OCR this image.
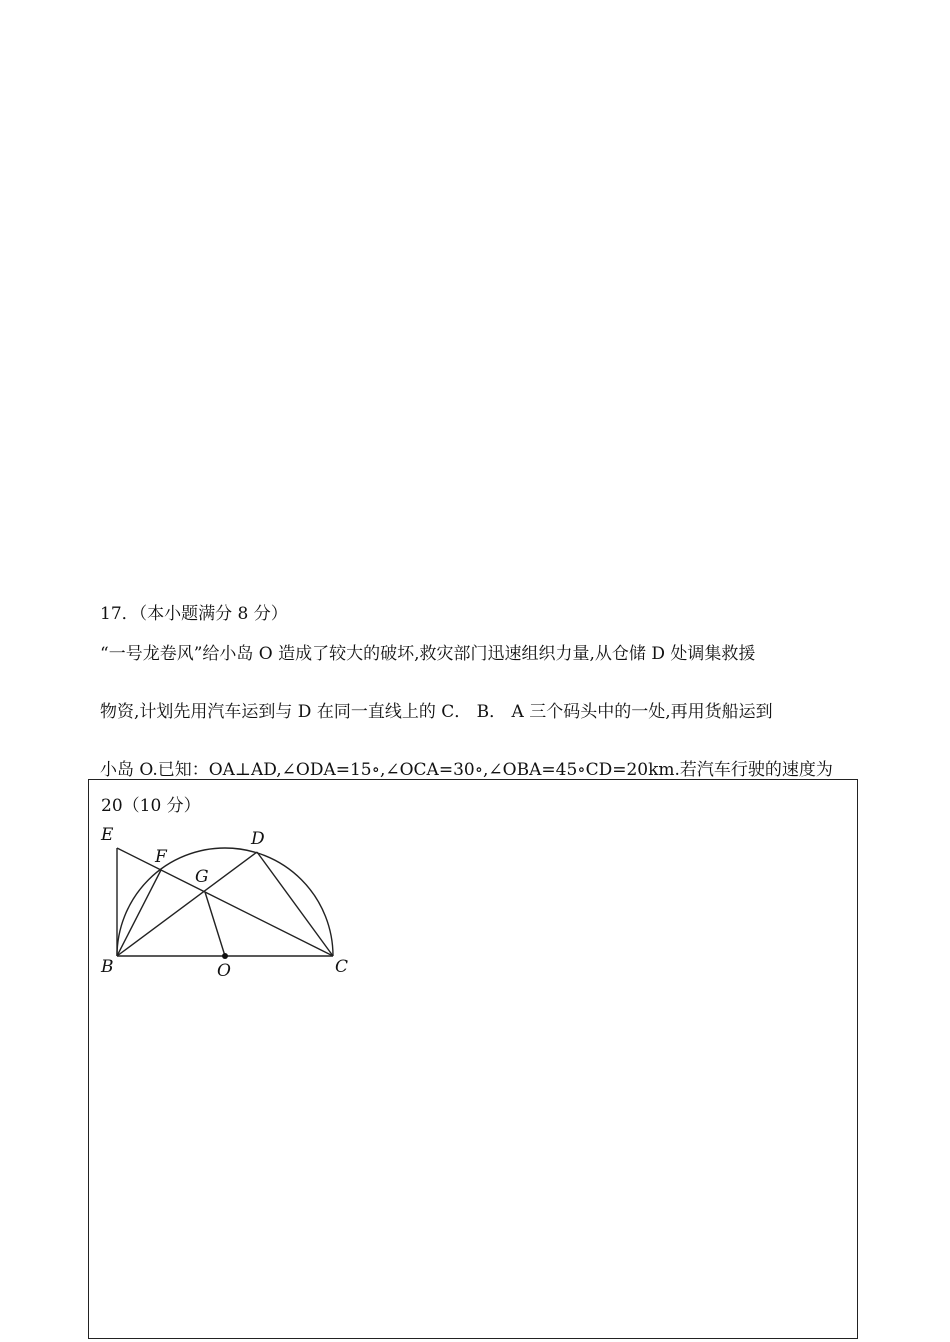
17．（本小题满分 8 分）
“一号龙卷风”给小岛 O 造成了较大的破坏,救灾部门迅速组织力量,从仓储 D 处调集救援
物资,计划先用汽车运到与 D 在同一直线上的 C． B． A 三个码头中的一处,再用货船运到
小岛 O.已知：OA⊥AD,∠ODA=15∘,∠OCA=30∘,∠OBA=45∘CD=20km.若汽车行驶的速度为
20（10 分）
E
F
D
G
B	O	C
